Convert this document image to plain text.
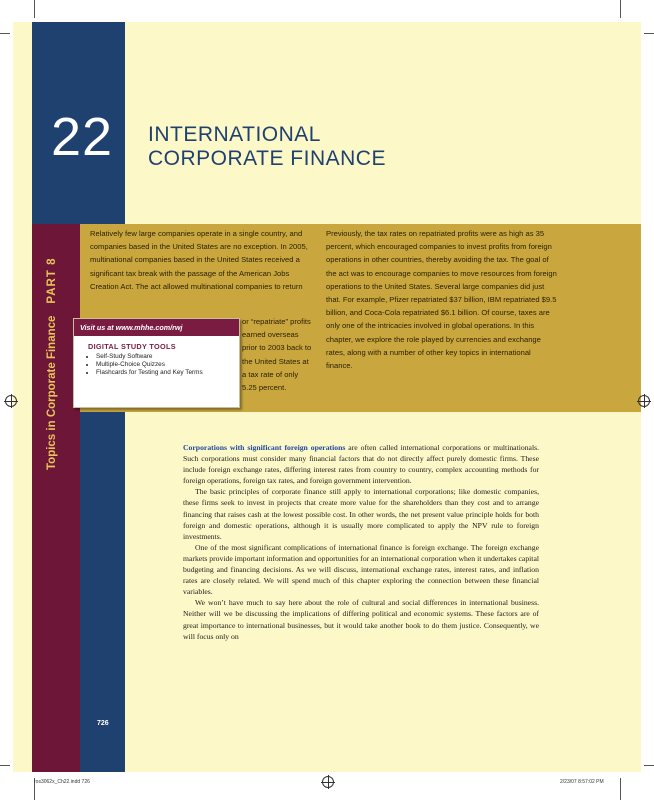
22 INTERNATIONAL
CORPORATE FINANCE
Topics in Corporate FinancePART 8
Relatively few large companies operate in a single country, and companies based in the United States are no exception. In 2005, multinational companies based in the United States received a significant tax break with the passage of the American Jobs Creation Act. The act allowed multinational companies to return
or “repatriate” profits earned overseas prior to 2003 back to the United States at a tax rate of only 5.25 percent.
Previously, the tax rates on repatriated profits were as high as 35 percent, which encouraged companies to invest profits from foreign operations in other countries, thereby avoiding the tax. The goal of the act was to encourage companies to move resources from foreign operations to the United States. Several large companies did just that. For example, Pfizer repatriated $37 billion, IBM repatriated $9.5 billion, and Coca-Cola repatriated $6.1 billion. Of course, taxes are only one of the intricacies involved in global operations. In this chapter, we explore the role played by currencies and exchange rates, along with a number of other key topics in international finance.
Visit us at www.mhhe.com/rwj
DIGITAL STUDY TOOLS
• Self-Study Software
• Multiple-Choice Quizzes
• Flashcards for Testing and Key Terms

Corporations with significant foreign operations are often called international corporations or multinationals. Such corporations must consider many financial factors that do not directly affect purely domestic firms. These include foreign exchange rates, differing interest rates from country to country, complex accounting methods for foreign operations, foreign tax rates, and foreign government intervention.

The basic principles of corporate finance still apply to international corporations; like domestic companies, these firms seek to invest in projects that create more value for the shareholders than they cost and to arrange financing that raises cash at the lowest possible cost. In other words, the net present value principle holds for both foreign and domestic operations, although it is usually more complicated to apply the NPV rule to foreign investments.

One of the most significant complications of international finance is foreign exchange. The foreign exchange markets provide important information and opportunities for an international corporation when it undertakes capital budgeting and financing decisions. As we will discuss, international exchange rates, interest rates, and inflation rates are closely related. We will spend much of this chapter exploring the connection between these financial variables.

We won’t have much to say here about the role of cultural and social differences in international business. Neither will we be discussing the implications of differing political and economic systems. These factors are of great importance to international businesses, but it would take another book to do them justice. Consequently, we will focus only on

726
ros3062x_Ch22.indd 726	2/23/07 8:57:02 PM
